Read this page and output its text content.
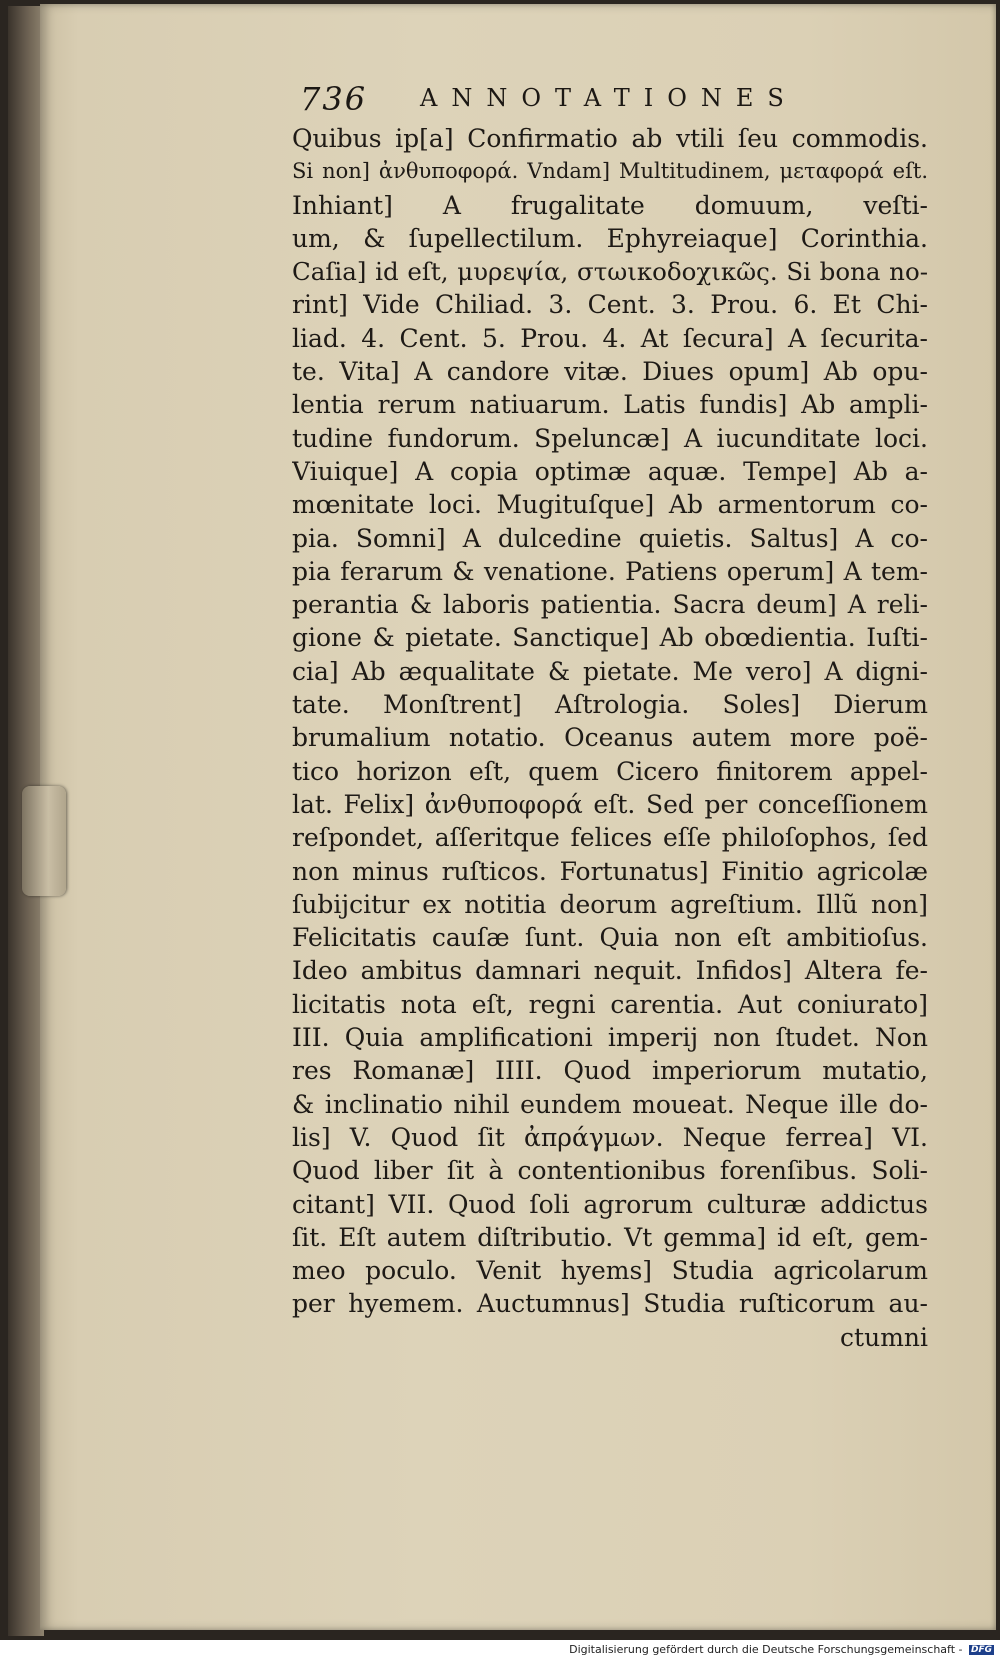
736 ANNOTATIONES
Quibus ip[a] Confirmatio ab vtili ſeu commodis.
Si non] ἀνθυποφορά. Vndam] Multitudinem, μεταφορά eſt.
Inhiant] A frugalitate domuum, veſti-
um, & ſupellectilum. Ephyreiaque] Corinthia.
Caſia] id eſt, μυρεψία, στωικοδοχικῶς. Si bona no-
rint] Vide Chiliad. 3. Cent. 3. Prou. 6. Et Chi-
liad. 4. Cent. 5. Prou. 4. At ſecura] A ſecurita-
te. Vita] A candore vitæ. Diues opum] Ab opu-
lentia rerum natiuarum. Latis fundis] Ab ampli-
tudine fundorum. Speluncæ] A iucunditate loci.
Viuique] A copia optimæ aquæ. Tempe] Ab a-
mœnitate loci. Mugituſque] Ab armentorum co-
pia. Somni] A dulcedine quietis. Saltus] A co-
pia ferarum & venatione. Patiens operum] A tem-
perantia & laboris patientia. Sacra deum] A reli-
gione & pietate. Sanctique] Ab obœdientia. Iuſti-
cia] Ab æqualitate & pietate. Me vero] A digni-
tate. Monſtrent] Aſtrologia. Soles] Dierum
brumalium notatio. Oceanus autem more poë-
tico horizon eſt, quem Cicero finitorem appel-
lat. Felix] ἀνθυποφορά eſt. Sed per conceſſionem
reſpondet, aſſeritque felices eſſe philoſophos, ſed
non minus ruſticos. Fortunatus] Finitio agricolæ
ſubijcitur ex notitia deorum agreſtium. Illũ non]
Felicitatis cauſæ ſunt. Quia non eſt ambitioſus.
Ideo ambitus damnari nequit. Infidos] Altera fe-
licitatis nota eſt, regni carentia. Aut coniurato]
III. Quia amplificationi imperij non ſtudet. Non
res Romanæ] IIII. Quod imperiorum mutatio,
& inclinatio nihil eundem moueat. Neque ille do-
lis] V. Quod ſit ἀπράγμων. Neque ferrea] VI.
Quod liber ſit à contentionibus forenſibus. Soli-
citant] VII. Quod ſoli agrorum culturæ addictus
ſit. Eſt autem diſtributio. Vt gemma] id eſt, gem-
meo poculo. Venit hyems] Studia agricolarum
per hyemem. Auctumnus] Studia ruſticorum au-
ctumni
Digitalisierung gefördert durch die Deutsche Forschungsgemeinschaft - DFG
